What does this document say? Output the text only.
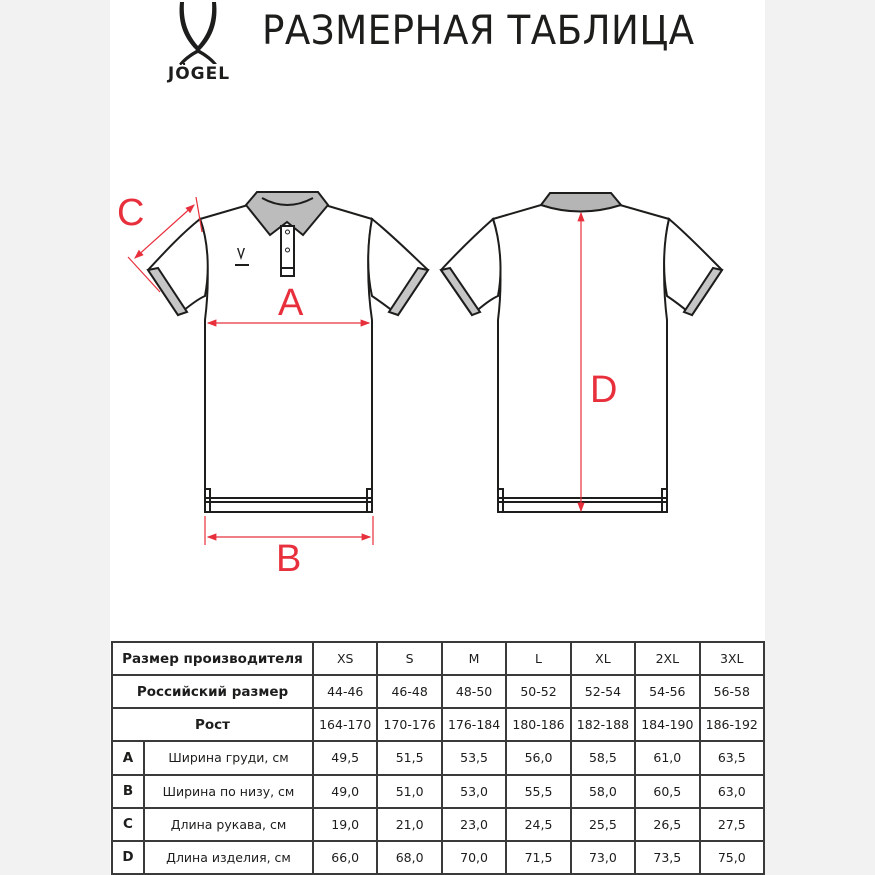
JÖGEL
РАЗМЕРНАЯ ТАБЛИЦА
C
A
B
D
Размер производителя		XS	S	M	L	XL	2XL	3XL
Российский размер		44-46	46-48	48-50	50-52	52-54	54-56	56-58
Рост		164-170	170-176	176-184	180-186	182-188	184-190	186-192
A	Ширина груди, см	49,5	51,5	53,5	56,0	58,5	61,0	63,5
B	Ширина по низу, см	49,0	51,0	53,0	55,5	58,0	60,5	63,0
C	Длина рукава, см	19,0	21,0	23,0	24,5	25,5	26,5	27,5
D	Длина изделия, см	66,0	68,0	70,0	71,5	73,0	73,5	75,0
